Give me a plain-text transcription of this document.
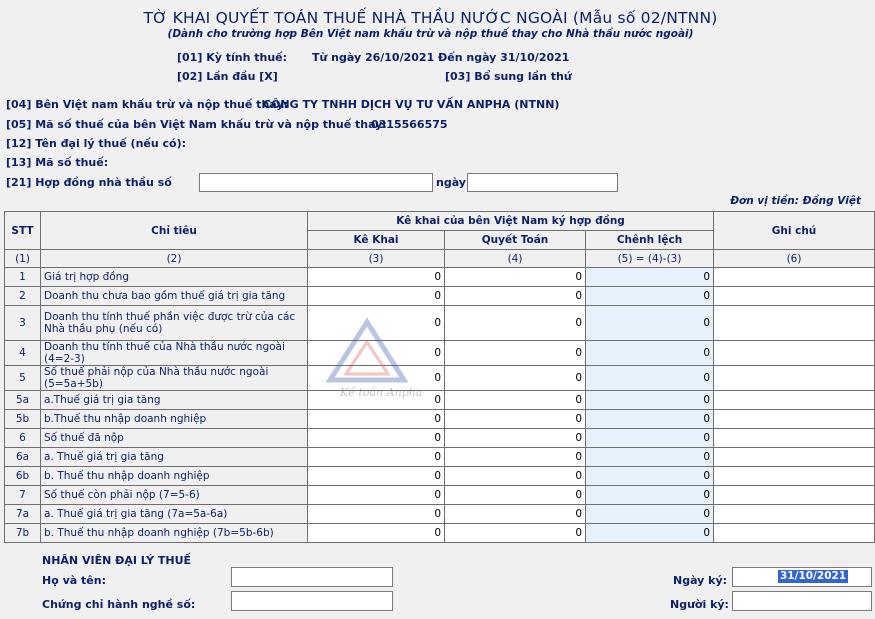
TỜ KHAI QUYẾT TOÁN THUẾ NHÀ THẦU NƯỚC NGOÀI (Mẫu số 02/NTNN)
(Dành cho trường hợp Bên Việt nam khấu trừ và nộp thuế thay cho Nhà thầu nước ngoài)
[01] Kỳ tính thuế: Từ ngày 26/10/2021 Đến ngày 31/10/2021
[02] Lần đầu [X]	[03] Bổ sung lần thứ
[04] Bên Việt nam khấu trừ và nộp thuế thay:
CÔNG TY TNHH DỊCH VỤ TƯ VẤN ANPHA (NTNN)
[05] Mã số thuế của bên Việt Nam khấu trừ và nộp thuế thay:
0315566575
[12] Tên đại lý thuế (nếu có):
[13] Mã số thuế:
[21] Hợp đồng nhà thầu số	ngày
Đơn vị tiền: Đồng Việt
STT	Chỉ tiêu	Kê khai của bên Việt Nam ký hợp đồng			Ghi chú
		Kê Khai	Quyết Toán	Chênh lệch	
(1)	(2)	(3)	(4)	(5) = (4)-(3)	(6)
1	Giá trị hợp đồng	0	0	0	
2	Doanh thu chưa bao gồm thuế giá trị gia tăng	0	0	0	
3	Doanh thu tính thuế phần việc được trừ của các Nhà thầu phụ (nếu có)	0	0	0	
4	Doanh thu tính thuế của Nhà thầu nước ngoài (4=2-3)	0	0	0	
5	Số thuế phải nộp của Nhà thầu nước ngoài (5=5a+5b)	0	0	0	
5a	a.Thuế giá trị gia tăng	0	0	0	
5b	b.Thuế thu nhập doanh nghiệp	0	0	0	
6	Số thuế đã nộp	0	0	0	
6a	a. Thuế giá trị gia tăng	0	0	0	
6b	b. Thuế thu nhập doanh nghiệp	0	0	0	
7	Số thuế còn phải nộp (7=5-6)	0	0	0	
7a	a. Thuế giá trị gia tăng (7a=5a-6a)	0	0	0	
7b	b. Thuế thu nhập doanh nghiệp (7b=5b-6b)	0	0	0	
Kế toán Anpha
NHÂN VIÊN ĐẠI LÝ THUẾ
Họ và tên:
Chứng chỉ hành nghề số:
Ngày ký:	31/10/2021
Người ký:
